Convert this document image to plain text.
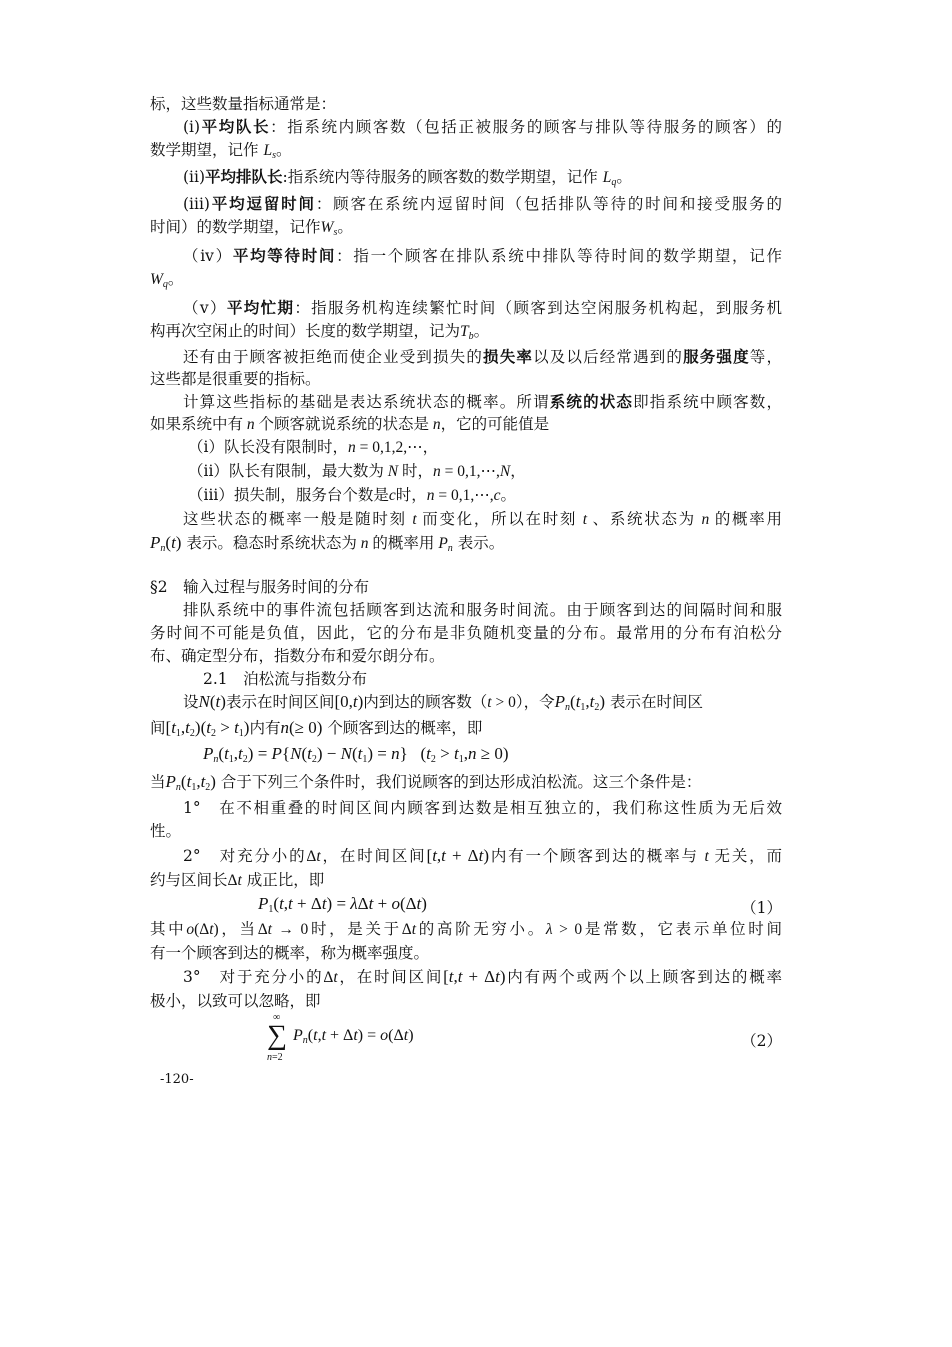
标，这些数量指标通常是：
(i)平均队长：指系统内顾客数（包括正被服务的顾客与排队等待服务的顾客）的
数学期望，记作 $L_s$。
(ii)平均排队长:指系统内等待服务的顾客数的数学期望，记作 $L_q$。
(iii)平均逗留时间：顾客在系统内逗留时间（包括排队等待的时间和接受服务的
时间）的数学期望，记作$W_s$。
（iv）平均等待时间：指一个顾客在排队系统中排队等待时间的数学期望，记作
$W_q$。
（v）平均忙期：指服务机构连续繁忙时间（顾客到达空闲服务机构起，到服务机
构再次空闲止的时间）长度的数学期望，记为$T_b$。
还有由于顾客被拒绝而使企业受到损失的损失率以及以后经常遇到的服务强度等，
这些都是很重要的指标。
计算这些指标的基础是表达系统状态的概率。所谓系统的状态即指系统中顾客数，
如果系统中有 n 个顾客就说系统的状态是 n，它的可能值是
（i）队长没有限制时，n = 0,1,2,⋯，
（ii）队长有限制，最大数为 N 时，n = 0,1,⋯,N，
（iii）损失制，服务台个数是c时，n = 0,1,⋯,c。
这些状态的概率一般是随时刻 t 而变化，所以在时刻 t 、系统状态为 n 的概率用
$P_n(t)$ 表示。稳态时系统状态为 n 的概率用 $P_n$ 表示。
§2　输入过程与服务时间的分布
排队系统中的事件流包括顾客到达流和服务时间流。由于顾客到达的间隔时间和服
务时间不可能是负值，因此，它的分布是非负随机变量的分布。最常用的分布有泊松分
布、确定型分布，指数分布和爱尔朗分布。
2.1　泊松流与指数分布
设N(t)表示在时间区间[0,t)内到达的顾客数（t > 0），令$P_n(t_1,t_2)$ 表示在时间区
间$[t_1,t_2)(t_2 > t_1)$内有n(≥ 0) 个顾客到达的概率，即
$P_n(t_1,t_2) = P\{N(t_2) - N(t_1) = n\} (t_2 > t_1,n \ge 0)$
当$P_n(t_1,t_2)$ 合于下列三个条件时，我们说顾客的到达形成泊松流。这三个条件是：
1°　在不相重叠的时间区间内顾客到达数是相互独立的，我们称这性质为无后效
性。
2°　对充分小的Δt，在时间区间[t,t + Δt)内有一个顾客到达的概率与 t 无关，而
约与区间长Δt 成正比，即
$P_1(t,t + \Delta t) = \lambda\Delta t + o(\Delta t)$	（1）
其中o(Δt)，当Δt → 0时，是关于Δt的高阶无穷小。λ > 0是常数，它表示单位时间
有一个顾客到达的概率，称为概率强度。
3°　对于充分小的Δt，在时间区间[t,t + Δt)内有两个或两个以上顾客到达的概率
极小，以致可以忽略，即
∞
∑
n=2
$P_n(t,t + \Delta t) = o(\Delta t)$	（2）
-120-
